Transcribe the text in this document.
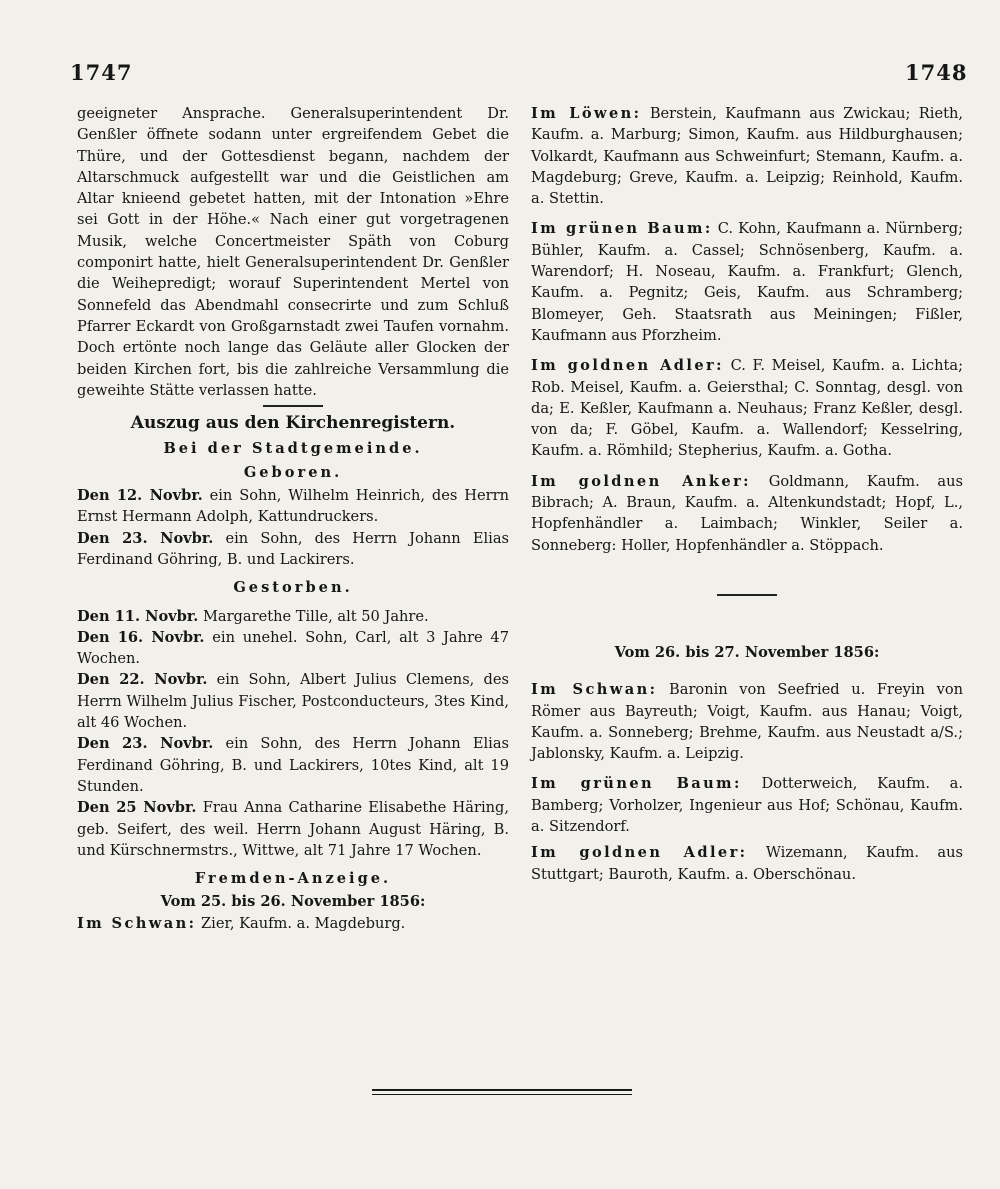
1747	1748

geeigneter Ansprache. Generalsuperintendent Dr. Genßler öffnete sodann unter ergreifendem Gebet die Thüre, und der Gottesdienst begann, nachdem der Altarschmuck aufgestellt war und die Geistlichen am Altar knieend gebetet hatten, mit der Intonation »Ehre sei Gott in der Höhe.« Nach einer gut vorgetragenen Musik, welche Concertmeister Späth von Coburg componirt hatte, hielt Generalsuperintendent Dr. Genßler die Weihepredigt; worauf Superintendent Mertel von Sonnefeld das Abendmahl consecrirte und zum Schluß Pfarrer Eckardt von Großgarnstadt zwei Taufen vornahm. Doch ertönte noch lange das Geläute aller Glocken der beiden Kirchen fort, bis die zahlreiche Versammlung die geweihte Stätte verlassen hatte.

Auszug aus den Kirchenregistern.
Bei der Stadtgemeinde.
Geboren.

Den 12. Novbr. ein Sohn, Wilhelm Heinrich, des Herrn Ernst Hermann Adolph, Kattundruckers.

Den 23. Novbr. ein Sohn, des Herrn Johann Elias Ferdinand Göhring, B. und Lackirers.

Gestorben.

Den 11. Novbr. Margarethe Tille, alt 50 Jahre.

Den 16. Novbr. ein unehel. Sohn, Carl, alt 3 Jahre 47 Wochen.

Den 22. Novbr. ein Sohn, Albert Julius Clemens, des Herrn Wilhelm Julius Fischer, Postconducteurs, 3tes Kind, alt 46 Wochen.

Den 23. Novbr. ein Sohn, des Herrn Johann Elias Ferdinand Göhring, B. und Lackirers, 10tes Kind, alt 19 Stunden.

Den 25 Novbr. Frau Anna Catharine Elisabethe Häring, geb. Seifert, des weil. Herrn Johann August Häring, B. und Kürschnermstrs., Wittwe, alt 71 Jahre 17 Wochen.

Fremden-Anzeige.
Vom 25. bis 26. November 1856:

Im Schwan: Zier, Kaufm. a. Magdeburg.

Im Löwen: Berstein, Kaufmann aus Zwickau; Rieth, Kaufm. a. Marburg; Simon, Kaufm. aus Hildburghausen; Volkardt, Kaufmann aus Schweinfurt; Stemann, Kaufm. a. Magdeburg; Greve, Kaufm. a. Leipzig; Reinhold, Kaufm. a. Stettin.

Im grünen Baum: C. Kohn, Kaufmann a. Nürnberg; Bühler, Kaufm. a. Cassel; Schnösenberg, Kaufm. a. Warendorf; H. Noseau, Kaufm. a. Frankfurt; Glench, Kaufm. a. Pegnitz; Geis, Kaufm. aus Schramberg; Blomeyer, Geh. Staatsrath aus Meiningen; Fißler, Kaufmann aus Pforzheim.

Im goldnen Adler: C. F. Meisel, Kaufm. a. Lichta; Rob. Meisel, Kaufm. a. Geiersthal; C. Sonntag, desgl. von da; E. Keßler, Kaufmann a. Neuhaus; Franz Keßler, desgl. von da; F. Göbel, Kaufm. a. Wallendorf; Kesselring, Kaufm. a. Römhild; Stepherius, Kaufm. a. Gotha.

Im goldnen Anker: Goldmann, Kaufm. aus Bibrach; A. Braun, Kaufm. a. Altenkundstadt; Hopf, L., Hopfenhändler a. Laimbach; Winkler, Seiler a. Sonneberg: Holler, Hopfenhändler a. Stöppach.

Vom 26. bis 27. November 1856:

Im Schwan: Baronin von Seefried u. Freyin von Römer aus Bayreuth; Voigt, Kaufm. aus Hanau; Voigt, Kaufm. a. Sonneberg; Brehme, Kaufm. aus Neustadt a/S.; Jablonsky, Kaufm. a. Leipzig.

Im grünen Baum: Dotterweich, Kaufm. a. Bamberg; Vorholzer, Ingenieur aus Hof; Schönau, Kaufm. a. Sitzendorf.

Im goldnen Adler: Wizemann, Kaufm. aus Stuttgart; Bauroth, Kaufm. a. Oberschönau.
